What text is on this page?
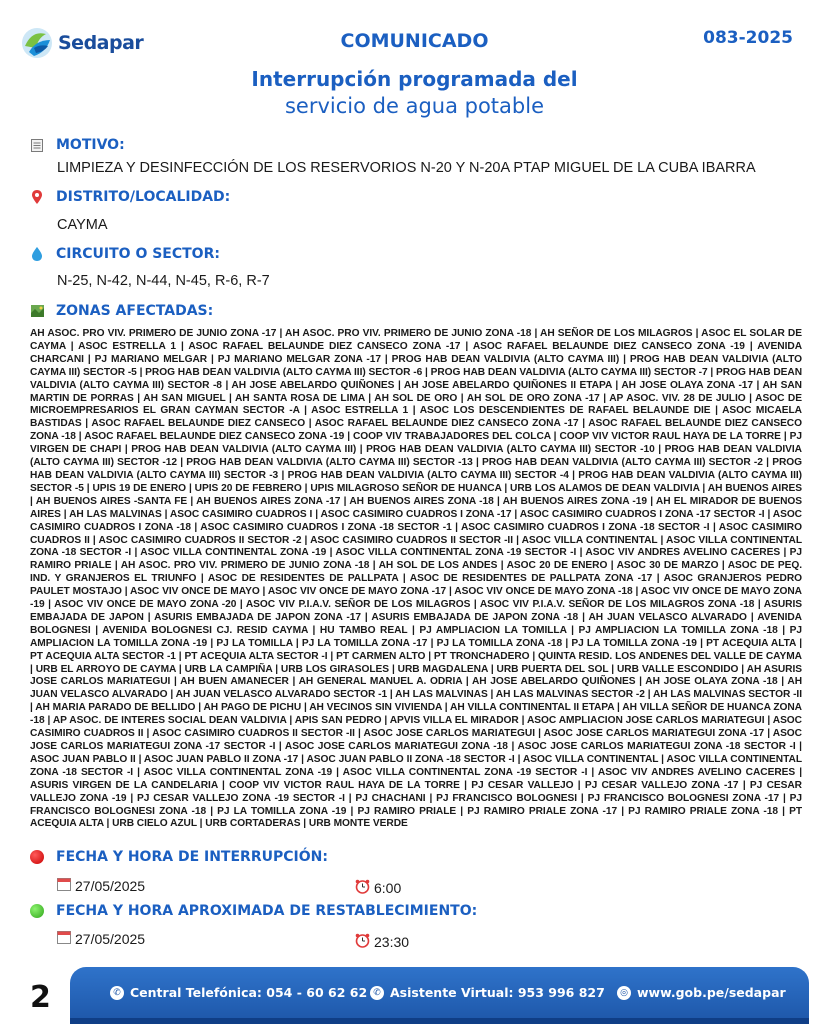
Sedapar	COMUNICADO	083-2025
Interrupción programada del
servicio de agua potable
MOTIVO:
LIMPIEZA Y DESINFECCIÓN DE LOS RESERVORIOS N-20 Y N-20A PTAP MIGUEL DE LA CUBA IBARRA
DISTRITO/LOCALIDAD:
CAYMA
CIRCUITO O SECTOR:
N-25, N-42, N-44, N-45, R-6, R-7
ZONAS AFECTADAS:
AH ASOC. PRO VIV. PRIMERO DE JUNIO ZONA -17 | AH ASOC. PRO VIV. PRIMERO DE JUNIO ZONA -18 | AH SEÑOR DE LOS MILAGROS | ASOC EL SOLAR DE CAYMA | ASOC ESTRELLA 1 | ASOC RAFAEL BELAUNDE DIEZ CANSECO ZONA -17 | ASOC RAFAEL BELAUNDE DIEZ CANSECO ZONA -19 | AVENIDA CHARCANI | PJ MARIANO MELGAR | PJ MARIANO MELGAR ZONA -17 | PROG HAB DEAN VALDIVIA (ALTO CAYMA III) | PROG HAB DEAN VALDIVIA (ALTO CAYMA III) SECTOR -5 | PROG HAB DEAN VALDIVIA (ALTO CAYMA III) SECTOR -6 | PROG HAB DEAN VALDIVIA (ALTO CAYMA III) SECTOR -7 | PROG HAB DEAN VALDIVIA (ALTO CAYMA III) SECTOR -8 | AH JOSE ABELARDO QUIÑONES | AH JOSE ABELARDO QUIÑONES II ETAPA | AH JOSE OLAYA ZONA -17 | AH SAN MARTIN DE PORRAS | AH SAN MIGUEL | AH SANTA ROSA DE LIMA | AH SOL DE ORO | AH SOL DE ORO ZONA -17 | AP ASOC. VIV. 28 DE JULIO | ASOC DE MICROEMPRESARIOS EL GRAN CAYMAN SECTOR -A | ASOC ESTRELLA 1 | ASOC LOS DESCENDIENTES DE RAFAEL BELAUNDE DIE | ASOC MICAELA BASTIDAS | ASOC RAFAEL BELAUNDE DIEZ CANSECO | ASOC RAFAEL BELAUNDE DIEZ CANSECO ZONA -17 | ASOC RAFAEL BELAUNDE DIEZ CANSECO ZONA -18 | ASOC RAFAEL BELAUNDE DIEZ CANSECO ZONA -19 | COOP VIV TRABAJADORES DEL COLCA | COOP VIV VICTOR RAUL HAYA DE LA TORRE | PJ VIRGEN DE CHAPI | PROG HAB DEAN VALDIVIA (ALTO CAYMA III) | PROG HAB DEAN VALDIVIA (ALTO CAYMA III) SECTOR -10 | PROG HAB DEAN VALDIVIA (ALTO CAYMA III) SECTOR -12 | PROG HAB DEAN VALDIVIA (ALTO CAYMA III) SECTOR -13 | PROG HAB DEAN VALDIVIA (ALTO CAYMA III) SECTOR -2 | PROG HAB DEAN VALDIVIA (ALTO CAYMA III) SECTOR -3 | PROG HAB DEAN VALDIVIA (ALTO CAYMA III) SECTOR -4 | PROG HAB DEAN VALDIVIA (ALTO CAYMA III) SECTOR -5 | UPIS 19 DE ENERO | UPIS 20 DE FEBRERO | UPIS MILAGROSO SEÑOR DE HUANCA | URB LOS ALAMOS DE DEAN VALDIVIA | AH BUENOS AIRES | AH BUENOS AIRES -SANTA FE | AH BUENOS AIRES ZONA -17 | AH BUENOS AIRES ZONA -18 | AH BUENOS AIRES ZONA -19 | AH EL MIRADOR DE BUENOS AIRES | AH LAS MALVINAS | ASOC CASIMIRO CUADROS I | ASOC CASIMIRO CUADROS I ZONA -17 | ASOC CASIMIRO CUADROS I ZONA -17 SECTOR -I | ASOC CASIMIRO CUADROS I ZONA -18 | ASOC CASIMIRO CUADROS I ZONA -18 SECTOR -1 | ASOC CASIMIRO CUADROS I ZONA -18 SECTOR -I | ASOC CASIMIRO CUADROS II | ASOC CASIMIRO CUADROS II SECTOR -2 | ASOC CASIMIRO CUADROS II SECTOR -II | ASOC VILLA CONTINENTAL | ASOC VILLA CONTINENTAL ZONA -18 SECTOR -I | ASOC VILLA CONTINENTAL ZONA -19 | ASOC VILLA CONTINENTAL ZONA -19 SECTOR -I | ASOC VIV ANDRES AVELINO CACERES | PJ RAMIRO PRIALE | AH ASOC. PRO VIV. PRIMERO DE JUNIO ZONA -18 | AH SOL DE LOS ANDES | ASOC 20 DE ENERO | ASOC 30 DE MARZO | ASOC DE PEQ. IND. Y GRANJEROS EL TRIUNFO | ASOC DE RESIDENTES DE PALLPATA | ASOC DE RESIDENTES DE PALLPATA ZONA -17 | ASOC GRANJEROS PEDRO PAULET MOSTAJO | ASOC VIV ONCE DE MAYO | ASOC VIV ONCE DE MAYO ZONA -17 | ASOC VIV ONCE DE MAYO ZONA -18 | ASOC VIV ONCE DE MAYO ZONA -19 | ASOC VIV ONCE DE MAYO ZONA -20 | ASOC VIV P.I.A.V. SEÑOR DE LOS MILAGROS | ASOC VIV P.I.A.V. SEÑOR DE LOS MILAGROS ZONA -18 | ASURIS EMBAJADA DE JAPON | ASURIS EMBAJADA DE JAPON ZONA -17 | ASURIS EMBAJADA DE JAPON ZONA -18 | AH JUAN VELASCO ALVARADO | AVENIDA BOLOGNESI | AVENIDA BOLOGNESI CJ. RESID CAYMA | HU TAMBO REAL | PJ AMPLIACION LA TOMILLA | PJ AMPLIACION LA TOMILLA ZONA -18 | PJ AMPLIACION LA TOMILLA ZONA -19 | PJ LA TOMILLA | PJ LA TOMILLA ZONA -17 | PJ LA TOMILLA ZONA -18 | PJ LA TOMILLA ZONA -19 | PT ACEQUIA ALTA | PT ACEQUIA ALTA SECTOR -1 | PT ACEQUIA ALTA SECTOR -I | PT CARMEN ALTO | PT TRONCHADERO | QUINTA RESID. LOS ANDENES DEL VALLE DE CAYMA | URB EL ARROYO DE CAYMA | URB LA CAMPIÑA | URB LOS GIRASOLES | URB MAGDALENA | URB PUERTA DEL SOL | URB VALLE ESCONDIDO | AH ASURIS JOSE CARLOS MARIATEGUI | AH BUEN AMANECER | AH GENERAL MANUEL A. ODRIA | AH JOSE ABELARDO QUIÑONES | AH JOSE OLAYA ZONA -18 | AH JUAN VELASCO ALVARADO | AH JUAN VELASCO ALVARADO SECTOR -1 | AH LAS MALVINAS | AH LAS MALVINAS SECTOR -2 | AH LAS MALVINAS SECTOR -II | AH MARIA PARADO DE BELLIDO | AH PAGO DE PICHU | AH VECINOS SIN VIVIENDA | AH VILLA CONTINENTAL II ETAPA | AH VILLA SEÑOR DE HUANCA ZONA -18 | AP ASOC. DE INTERES SOCIAL DEAN VALDIVIA | APIS SAN PEDRO | APVIS VILLA EL MIRADOR | ASOC AMPLIACION JOSE CARLOS MARIATEGUI | ASOC CASIMIRO CUADROS II | ASOC CASIMIRO CUADROS II SECTOR -II | ASOC JOSE CARLOS MARIATEGUI | ASOC JOSE CARLOS MARIATEGUI ZONA -17 | ASOC JOSE CARLOS MARIATEGUI ZONA -17 SECTOR -I | ASOC JOSE CARLOS MARIATEGUI ZONA -18 | ASOC JOSE CARLOS MARIATEGUI ZONA -18 SECTOR -I | ASOC JUAN PABLO II | ASOC JUAN PABLO II ZONA -17 | ASOC JUAN PABLO II ZONA -18 SECTOR -I | ASOC VILLA CONTINENTAL | ASOC VILLA CONTINENTAL ZONA -18 SECTOR -I | ASOC VILLA CONTINENTAL ZONA -19 | ASOC VILLA CONTINENTAL ZONA -19 SECTOR -I | ASOC VIV ANDRES AVELINO CACERES | ASURIS VIRGEN DE LA CANDELARIA | COOP VIV VICTOR RAUL HAYA DE LA TORRE | PJ CESAR VALLEJO | PJ CESAR VALLEJO ZONA -17 | PJ CESAR VALLEJO ZONA -19 | PJ CESAR VALLEJO ZONA -19 SECTOR -I | PJ CHACHANI | PJ FRANCISCO BOLOGNESI | PJ FRANCISCO BOLOGNESI ZONA -17 | PJ FRANCISCO BOLOGNESI ZONA -18 | PJ LA TOMILLA ZONA -19 | PJ RAMIRO PRIALE | PJ RAMIRO PRIALE ZONA -17 | PJ RAMIRO PRIALE ZONA -18 | PT ACEQUIA ALTA | URB CIELO AZUL | URB CORTADERAS | URB MONTE VERDE
FECHA Y HORA DE INTERRUPCIÓN:
27/05/2025	6:00
FECHA Y HORA APROXIMADA DE RESTABLECIMIENTO:
27/05/2025	23:30
2	✆ Central Telefónica: 054 - 60 62 62 ✆ Asistente Virtual: 953 996 827	◎ www.gob.pe/sedapar
